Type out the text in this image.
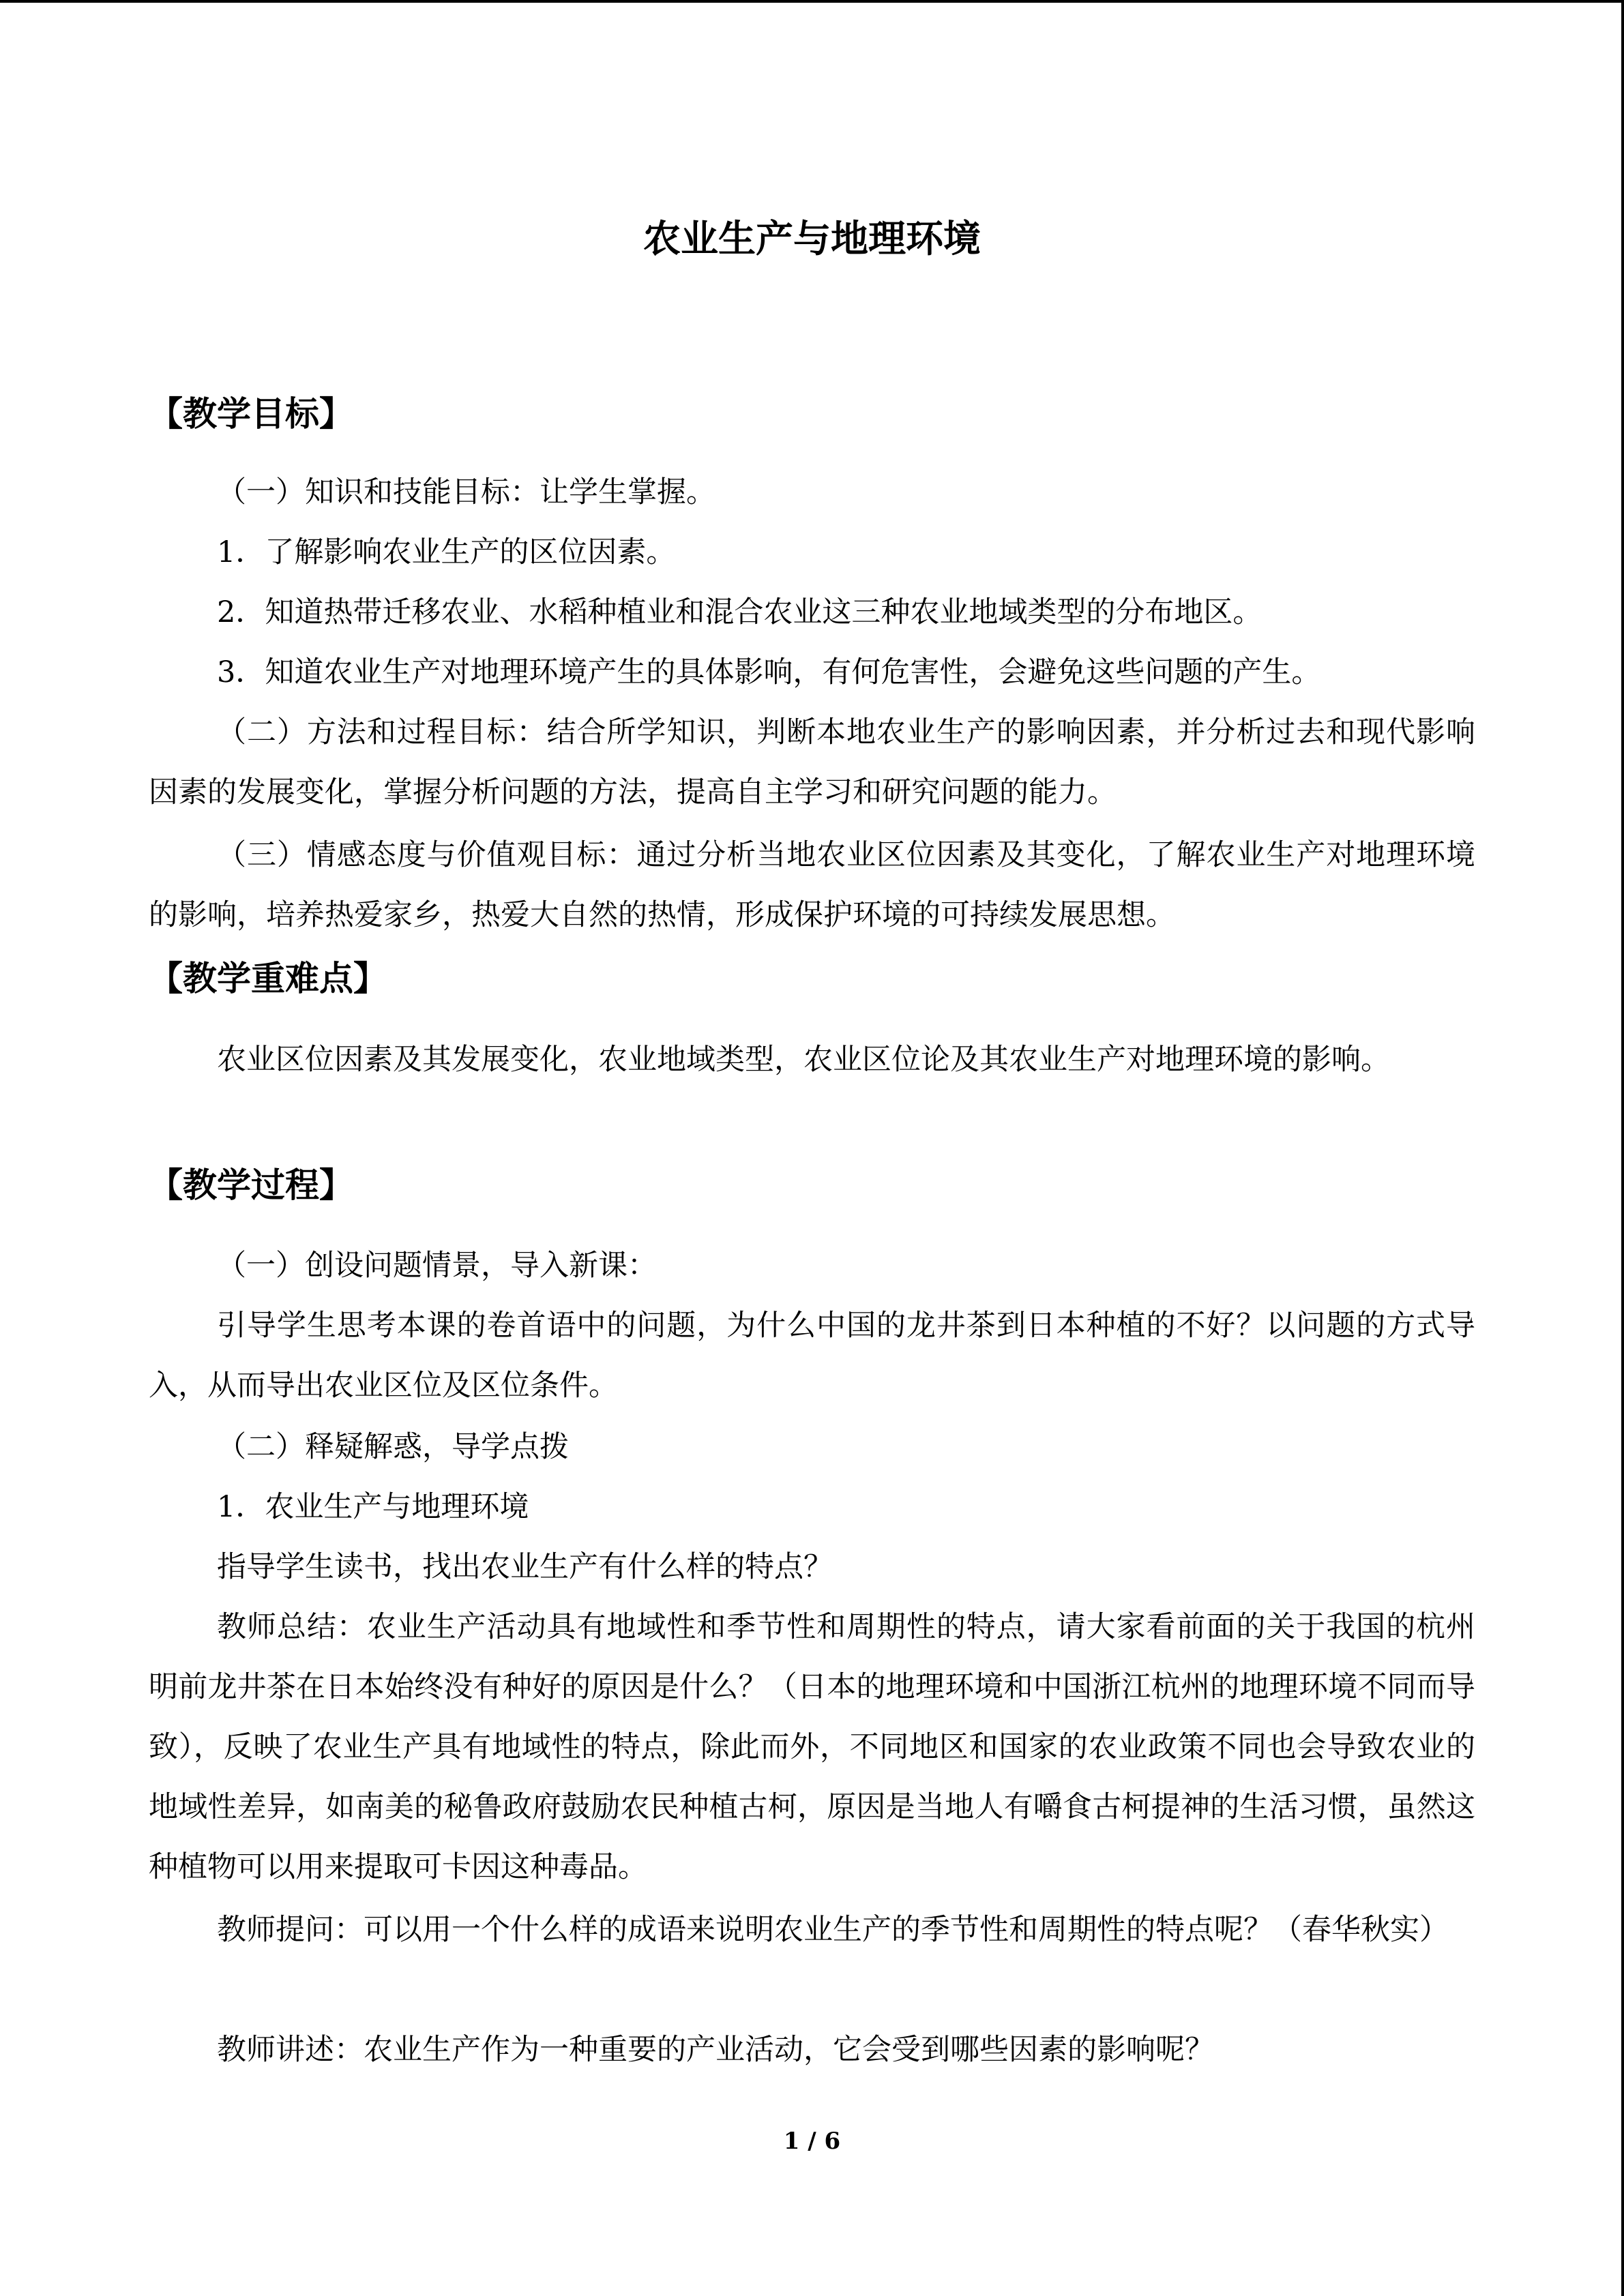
农业生产与地理环境
【教学目标】

（一）知识和技能目标：让学生掌握。

1．了解影响农业生产的区位因素。

2．知道热带迁移农业、水稻种植业和混合农业这三种农业地域类型的分布地区。

3．知道农业生产对地理环境产生的具体影响，有何危害性，会避免这些问题的产生。

（二）方法和过程目标：结合所学知识，判断本地农业生产的影响因素，并分析过去和现代影响因素的发展变化，掌握分析问题的方法，提高自主学习和研究问题的能力。

（三）情感态度与价值观目标：通过分析当地农业区位因素及其变化，了解农业生产对地理环境的影响，培养热爱家乡，热爱大自然的热情，形成保护环境的可持续发展思想。

【教学重难点】

农业区位因素及其发展变化，农业地域类型，农业区位论及其农业生产对地理环境的影响。

【教学过程】

（一）创设问题情景，导入新课：

引导学生思考本课的卷首语中的问题，为什么中国的龙井茶到日本种植的不好？以问题的方式导入，从而导出农业区位及区位条件。

（二）释疑解惑，导学点拨

1．农业生产与地理环境

指导学生读书，找出农业生产有什么样的特点？

教师总结：农业生产活动具有地域性和季节性和周期性的特点，请大家看前面的关于我国的杭州明前龙井茶在日本始终没有种好的原因是什么？（日本的地理环境和中国浙江杭州的地理环境不同而导致），反映了农业生产具有地域性的特点，除此而外，不同地区和国家的农业政策不同也会导致农业的地域性差异，如南美的秘鲁政府鼓励农民种植古柯，原因是当地人有嚼食古柯提神的生活习惯，虽然这种植物可以用来提取可卡因这种毒品。

教师提问：可以用一个什么样的成语来说明农业生产的季节性和周期性的特点呢？（春华秋实）

教师讲述：农业生产作为一种重要的产业活动，它会受到哪些因素的影响呢？

1 / 6
